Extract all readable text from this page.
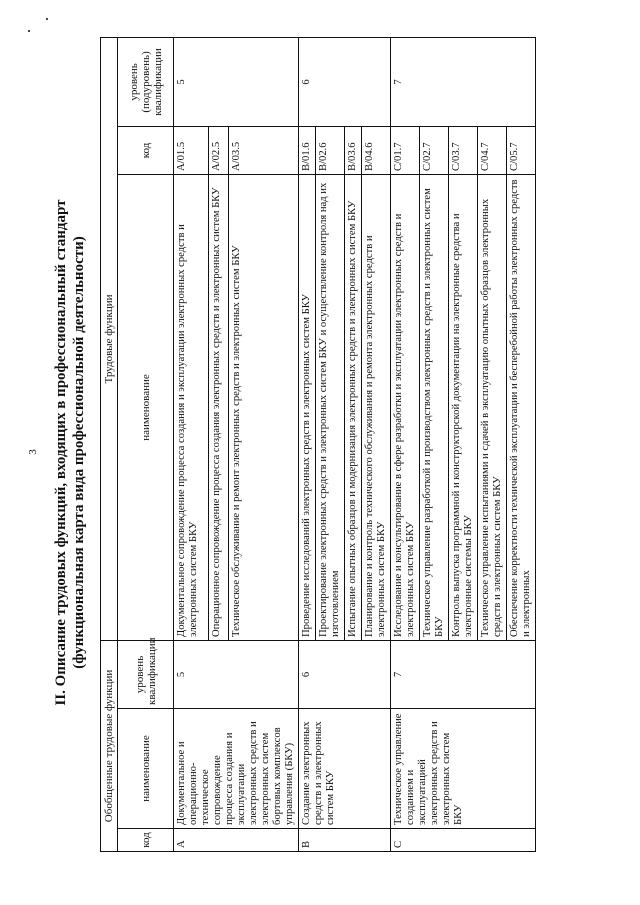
3 II. Описание трудовых функций, входящих в профессиональный стандарт (функциональная карта вида профессиональной деятельности)
Обобщенные трудовые функции			Трудовые функции		
код	наименование	уровень квалификации	наименование	код	уровень (подуровень) квалификации
A	Документальное и операционно-техническое сопровождение процесса создания и эксплуатации электронных средств и электронных систем бортовых комплексов управления (БКУ)	5	Документальное сопровождение процесса создания и эксплуатации электронных средств и электронных систем БКУ	A/01.5	5
			Операционное сопровождение процесса создания электронных средств и электронных систем БКУ	A/02.5	
			Техническое обслуживание и ремонт электронных средств и электронных систем БКУ	A/03.5	
B	Создание электронных средств и электронных систем БКУ	6	Проведение исследований электронных средств и электронных систем БКУ	B/01.6	6
			Проектирование электронных средств и электронных систем БКУ и осуществление контроля над их изготовлением	B/02.6	
			Испытание опытных образцов и модернизация электронных средств и электронных систем БКУ	B/03.6	
			Планирование и контроль технического обслуживания и ремонта электронных средств и электронных систем БКУ	B/04.6	
C	Техническое управление созданием и эксплуатацией электронных средств и электронных систем БКУ	7	Исследование и консультирование в сфере разработки и эксплуатации электронных средств и электронных систем БКУ	C/01.7	7
			Техническое управление разработкой и производством электронных средств и электронных систем БКУ	C/02.7	
			Контроль выпуска программной и конструкторской документации на электронные средства и электронные системы БКУ	C/03.7	
			Техническое управление испытаниями и сдачей в эксплуатацию опытных образцов электронных средств и электронных систем БКУ	C/04.7	
			Обеспечение корректности технической эксплуатации и бесперебойной работы электронных средств и электронных	C/05.7	
